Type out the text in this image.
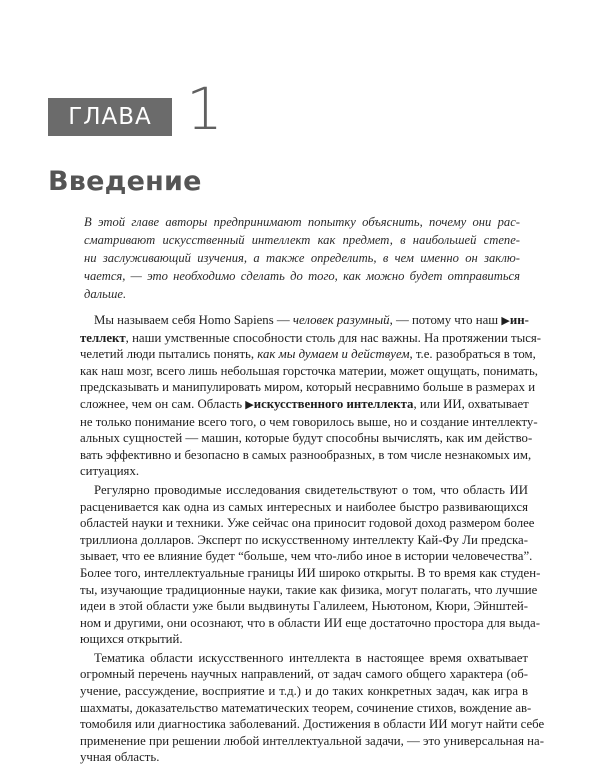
ГЛАВА 1
Введение
В этой главе авторы предпринимают попытку объяснить, почему они рас-
сматривают искусственный интеллект как предмет, в наибольшей степе-
ни заслуживающий изучения, а также определить, в чем именно он заклю-
чается, — это необходимо сделать до того, как можно будет отправиться
дальше.
Мы называем себя Homo Sapiens — человек разумный, — потому что наш ▶ин-
теллект, наши умственные способности столь для нас важны. На протяжении тыся-
челетий люди пытались понять, как мы думаем и действуем, т.е. разобраться в том,
как наш мозг, всего лишь небольшая горсточка материи, может ощущать, понимать,
предсказывать и манипулировать миром, который несравнимо больше в размерах и
сложнее, чем он сам. Область ▶искусственного интеллекта, или ИИ, охватывает
не только понимание всего того, о чем говорилось выше, но и создание интеллекту-
альных сущностей — машин, которые будут способны вычислять, как им действо-
вать эффективно и безопасно в самых разнообразных, в том числе незнакомых им,
ситуациях.
Регулярно проводимые исследования свидетельствуют о том, что область ИИ
расценивается как одна из самых интересных и наиболее быстро развивающихся
областей науки и техники. Уже сейчас она приносит годовой доход размером более
триллиона долларов. Эксперт по искусственному интеллекту Кай-Фу Ли предска-
зывает, что ее влияние будет “больше, чем что-либо иное в истории человечества”.
Более того, интеллектуальные границы ИИ широко открыты. В то время как студен-
ты, изучающие традиционные науки, такие как физика, могут полагать, что лучшие
идеи в этой области уже были выдвинуты Галилеем, Ньютоном, Кюри, Эйнштей-
ном и другими, они осознают, что в области ИИ еще достаточно простора для выда-
ющихся открытий.
Тематика области искусственного интеллекта в настоящее время охватывает
огромный перечень научных направлений, от задач самого общего характера (об-
учение, рассуждение, восприятие и т.д.) и до таких конкретных задач, как игра в
шахматы, доказательство математических теорем, сочинение стихов, вождение ав-
томобиля или диагностика заболеваний. Достижения в области ИИ могут найти себе
применение при решении любой интеллектуальной задачи, — это универсальная на-
учная область.
